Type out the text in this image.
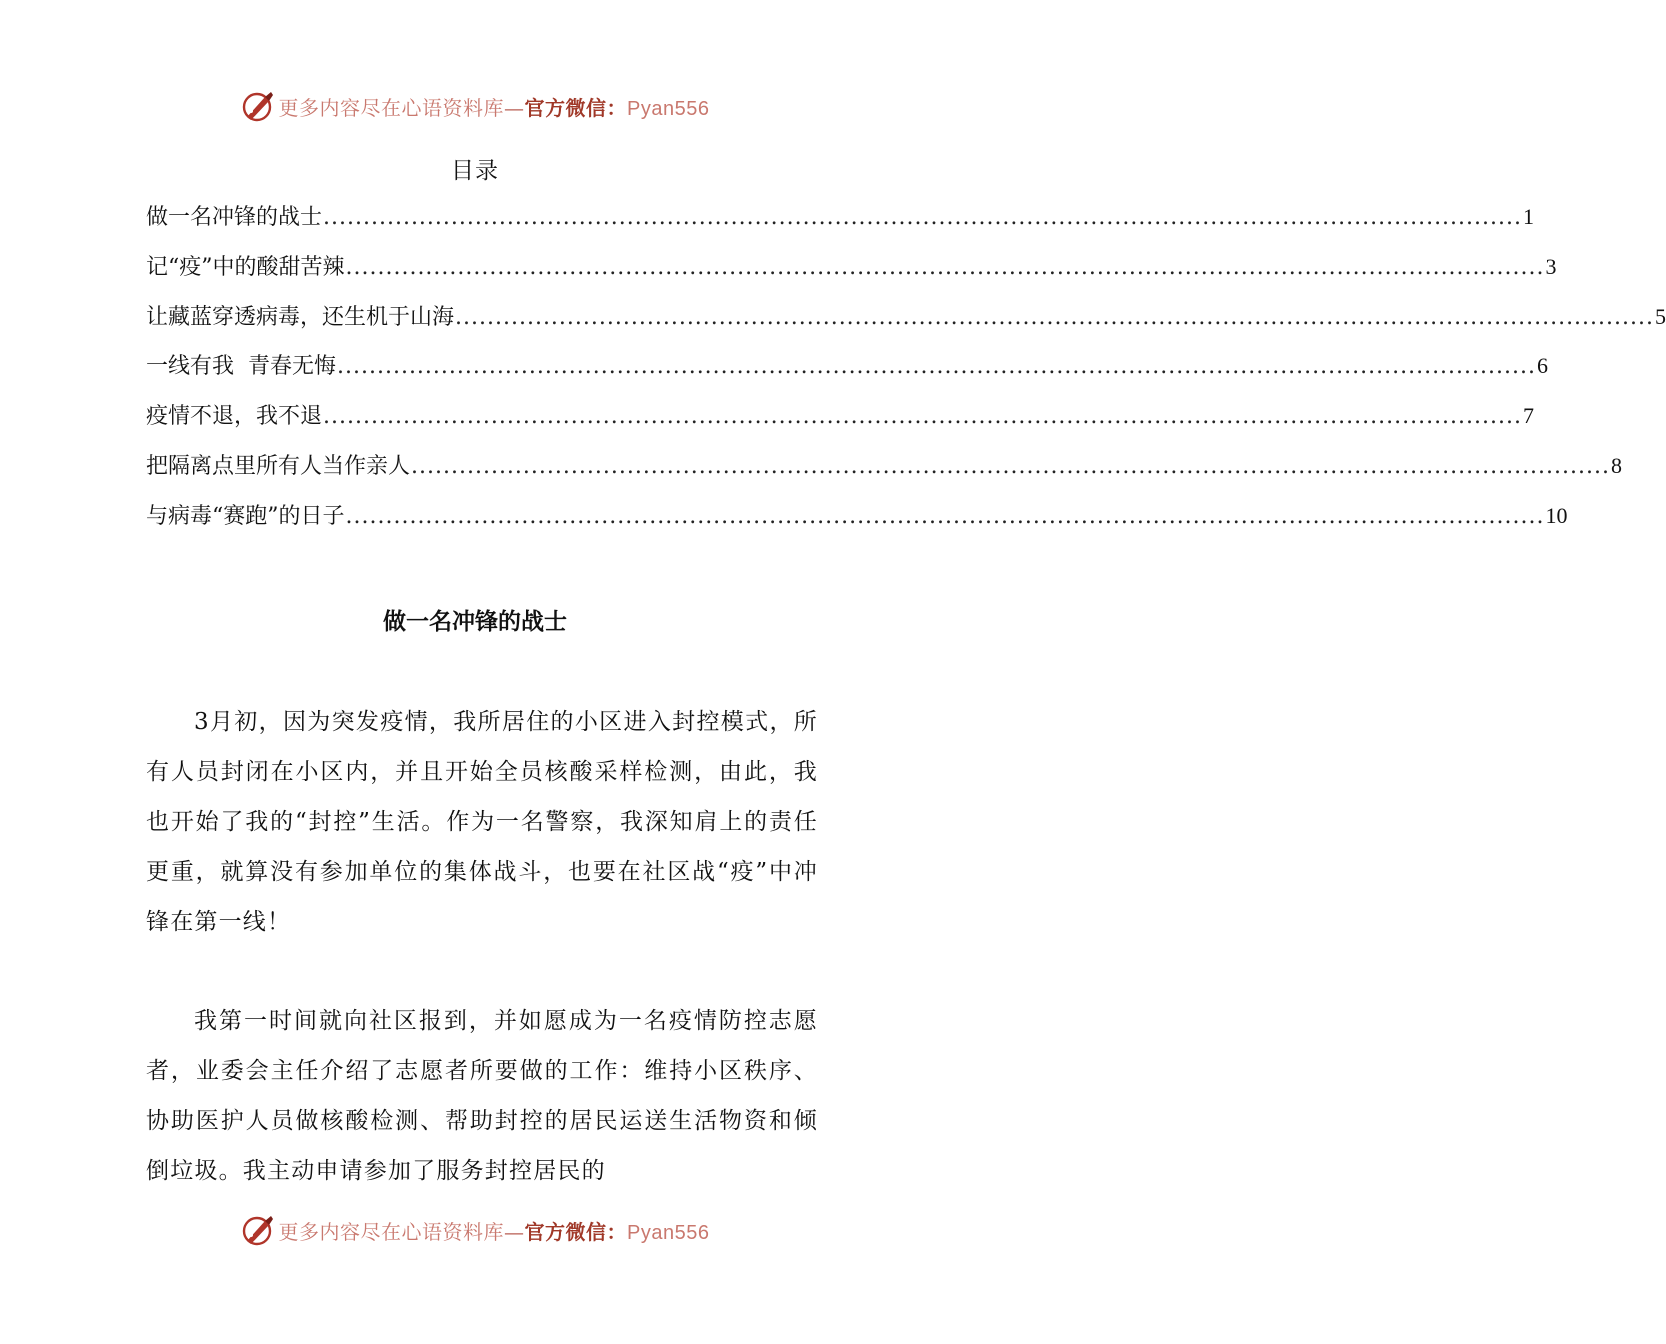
更多内容尽在心语资料库—官方微信：Pyan556
目录
做一名冲锋的战士 ...................................................................................................................................................... 1
记“疫”中的酸甜苦辣 ...................................................................................................................................................... 3
让藏蓝穿透病毒，还生机于山海 ...................................................................................................................................................... 5
一线有我  青春无悔 ...................................................................................................................................................... 6
疫情不退，我不退 ...................................................................................................................................................... 7
把隔离点里所有人当作亲人 ...................................................................................................................................................... 8
与病毒“赛跑”的日子 ...................................................................................................................................................... 10
做一名冲锋的战士

3月初，因为突发疫情，我所居住的小区进入封控模式，所有人员封闭在小区内，并且开始全员核酸采样检测，由此，我也开始了我的“封控”生活。作为一名警察，我深知肩上的责任更重，就算没有参加单位的集体战斗，也要在社区战“疫”中冲锋在第一线！

我第一时间就向社区报到，并如愿成为一名疫情防控志愿者，业委会主任介绍了志愿者所要做的工作：维持小区秩序、协助医护人员做核酸检测、帮助封控的居民运送生活物资和倾倒垃圾。我主动申请参加了服务封控居民的

更多内容尽在心语资料库—官方微信：Pyan556
